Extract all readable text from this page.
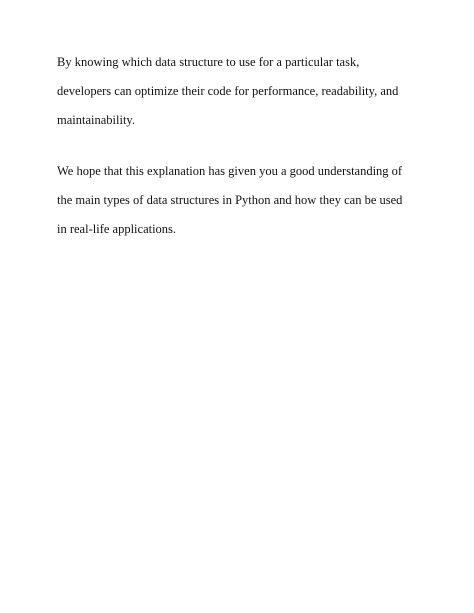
By knowing which data structure to use for a particular task,
developers can optimize their code for performance, readability, and
maintainability.

We hope that this explanation has given you a good understanding of
the main types of data structures in Python and how they can be used
in real-life applications.
